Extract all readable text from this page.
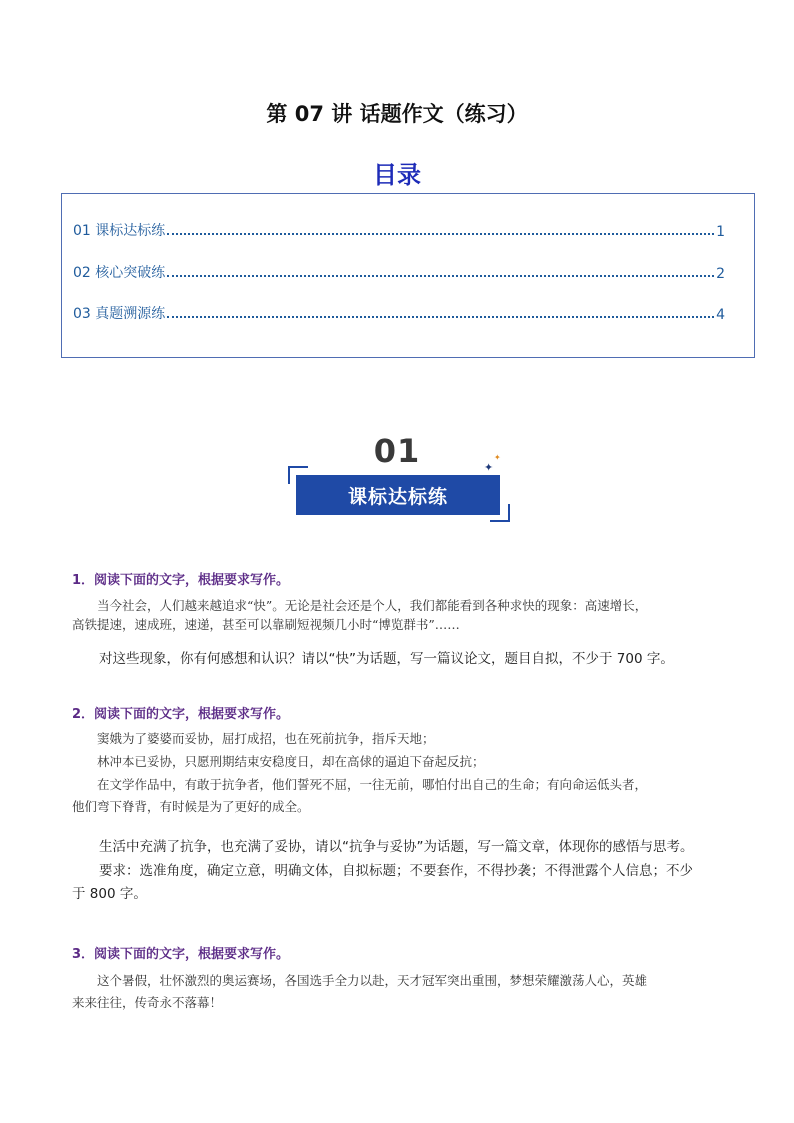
第 07 讲 话题作文（练习）
目录
01 课标达标练	1
02 核心突破练	2
03 真题溯源练	4
01	✦
✦
课标达标练
1．阅读下面的文字，根据要求写作。
当今社会，人们越来越追求“快”。无论是社会还是个人，我们都能看到各种求快的现象：高速增长，
高铁提速，速成班，速递，甚至可以靠刷短视频几小时“博览群书”……
对这些现象，你有何感想和认识？请以“快”为话题，写一篇议论文，题目自拟，不少于 700 字。
2．阅读下面的文字，根据要求写作。
窦娥为了婆婆而妥协，屈打成招，也在死前抗争，指斥天地；
林冲本已妥协，只愿刑期结束安稳度日，却在高俅的逼迫下奋起反抗；
在文学作品中，有敢于抗争者，他们誓死不屈，一往无前，哪怕付出自己的生命；有向命运低头者，
他们弯下脊背，有时候是为了更好的成全。
生活中充满了抗争，也充满了妥协，请以“抗争与妥协”为话题，写一篇文章，体现你的感悟与思考。
要求：选准角度，确定立意，明确文体，自拟标题；不要套作，不得抄袭；不得泄露个人信息；不少
于 800 字。
3．阅读下面的文字，根据要求写作。
这个暑假，壮怀激烈的奥运赛场，各国选手全力以赴，天才冠军突出重围，梦想荣耀激荡人心，英雄
来来往往，传奇永不落幕！
